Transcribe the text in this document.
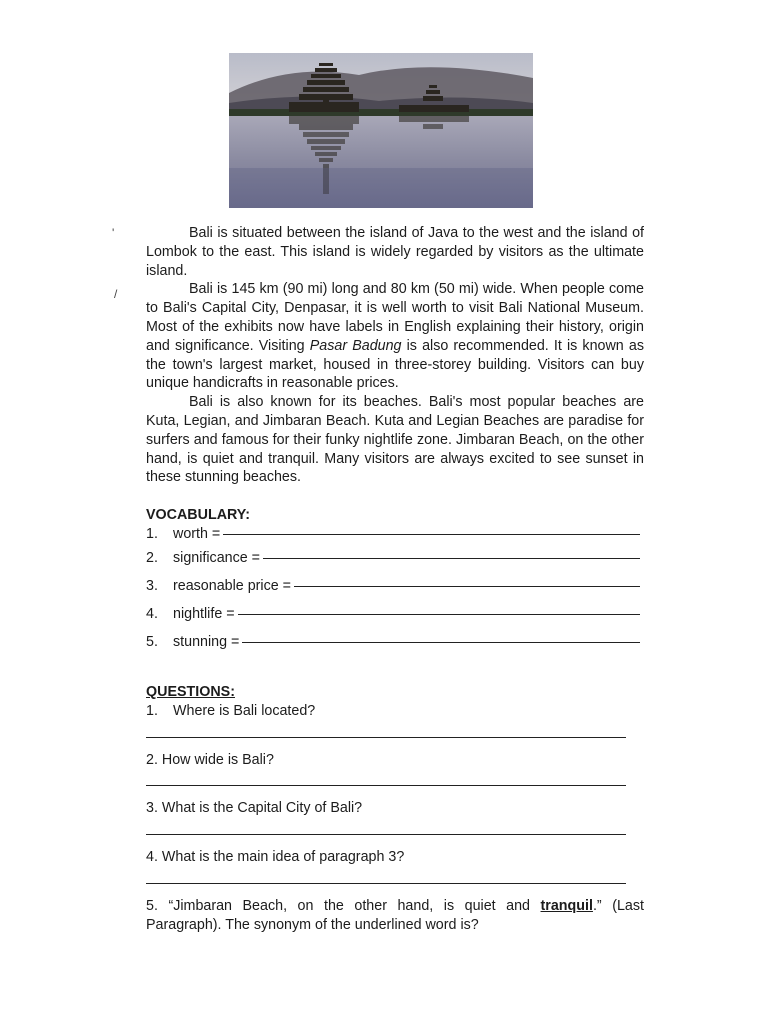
'
/

Bali is situated between the island of Java to the west and the island of Lombok to the east. This island is widely regarded by visitors as the ultimate island.

Bali is 145 km (90 mi) long and 80 km (50 mi) wide. When people come to Bali's Capital City, Denpasar, it is well worth to visit Bali National Museum. Most of the exhibits now have labels in English explaining their history, origin and significance. Visiting Pasar Badung is also recommended. It is known as the town's largest market, housed in three-storey building. Visitors can buy unique handicrafts in reasonable prices.

Bali is also known for its beaches. Bali's most popular beaches are Kuta, Legian, and Jimbaran Beach. Kuta and Legian Beaches are paradise for surfers and famous for their funky nightlife zone. Jimbaran Beach, on the other hand, is quiet and tranquil. Many visitors are always excited to see sunset in these stunning beaches.

VOCABULARY:

1.	worth =
2.	significance =
3.	reasonable price =
4.	nightlife =
5.	stunning =

QUESTIONS:

1. Where is Bali located?

2. How wide is Bali?

3. What is the Capital City of Bali?

4. What is the main idea of paragraph 3?

5. “Jimbaran Beach, on the other hand, is quiet and tranquil.” (Last Paragraph). The synonym of the underlined word is?
